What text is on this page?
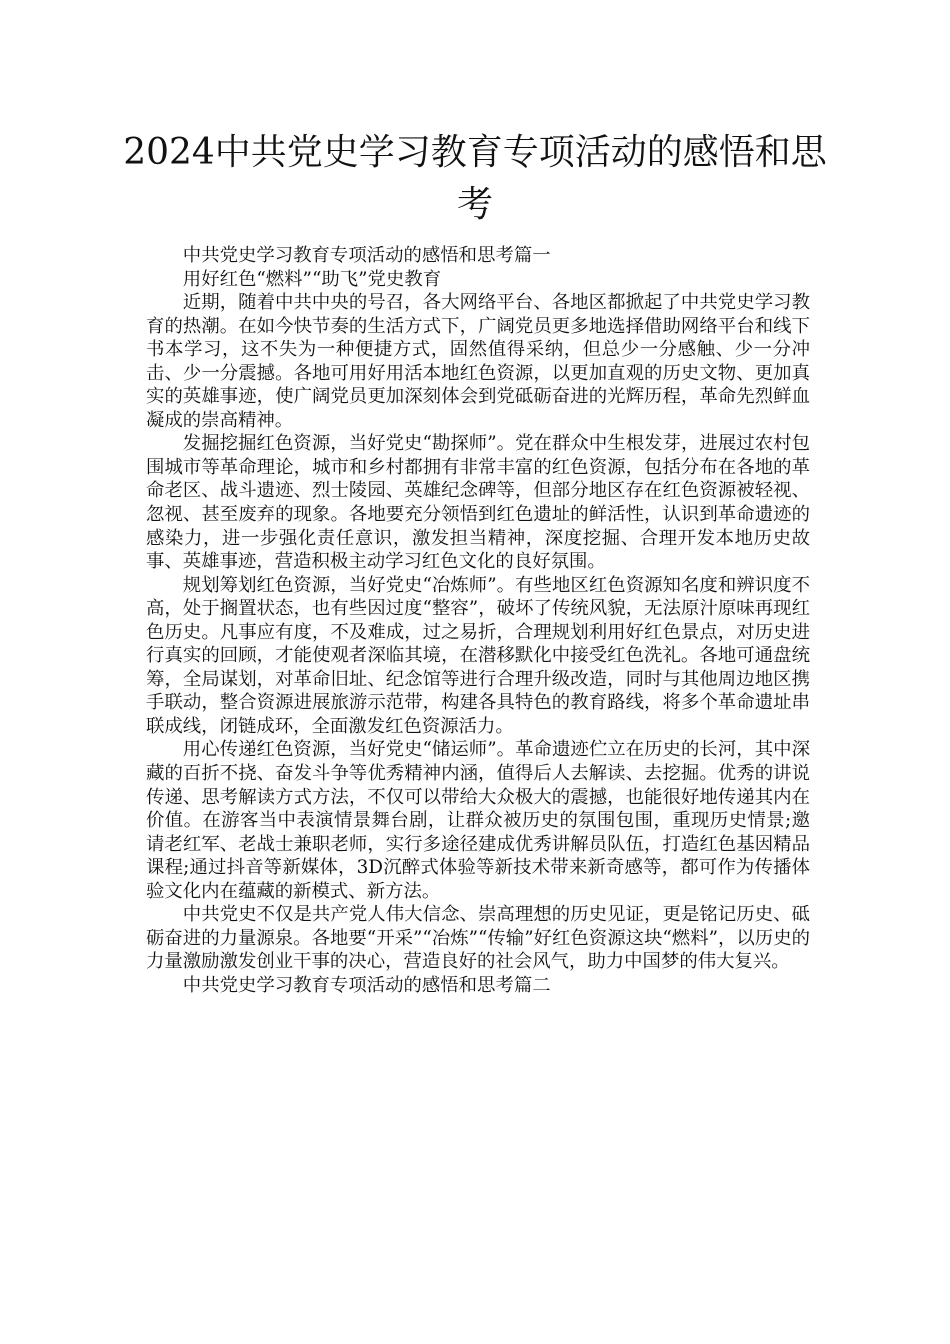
2024中共党史学习教育专项活动的感悟和思考

中共党史学习教育专项活动的感悟和思考篇一

用好红色“燃料”“助飞”党史教育

近期，随着中共中央的号召，各大网络平台、各地区都掀起了中共党史学习教育的热潮。在如今快节奏的生活方式下，广阔党员更多地选择借助网络平台和线下书本学习，这不失为一种便捷方式，固然值得采纳，但总少一分感触、少一分冲击、少一分震撼。各地可用好用活本地红色资源，以更加直观的历史文物、更加真实的英雄事迹，使广阔党员更加深刻体会到党砥砺奋进的光辉历程，革命先烈鲜血凝成的崇高精神。

发掘挖掘红色资源，当好党史“勘探师”。党在群众中生根发芽，进展过农村包围城市等革命理论，城市和乡村都拥有非常丰富的红色资源，包括分布在各地的革命老区、战斗遗迹、烈士陵园、英雄纪念碑等，但部分地区存在红色资源被轻视、忽视、甚至废弃的现象。各地要充分领悟到红色遗址的鲜活性，认识到革命遗迹的感染力，进一步强化责任意识，激发担当精神，深度挖掘、合理开发本地历史故事、英雄事迹，营造积极主动学习红色文化的良好氛围。

规划筹划红色资源，当好党史“冶炼师”。有些地区红色资源知名度和辨识度不高，处于搁置状态，也有些因过度“整容”，破坏了传统风貌，无法原汁原味再现红色历史。凡事应有度，不及难成，过之易折，合理规划利用好红色景点，对历史进行真实的回顾，才能使观者深临其境，在潜移默化中接受红色洗礼。各地可通盘统筹，全局谋划，对革命旧址、纪念馆等进行合理升级改造，同时与其他周边地区携手联动，整合资源进展旅游示范带，构建各具特色的教育路线，将多个革命遗址串联成线，闭链成环，全面激发红色资源活力。

用心传递红色资源，当好党史“储运师”。革命遗迹伫立在历史的长河，其中深藏的百折不挠、奋发斗争等优秀精神内涵，值得后人去解读、去挖掘。优秀的讲说传递、思考解读方式方法，不仅可以带给大众极大的震撼，也能很好地传递其内在价值。在游客当中表演情景舞台剧，让群众被历史的氛围包围，重现历史情景;邀请老红军、老战士兼职老师，实行多途径建成优秀讲解员队伍，打造红色基因精品课程;通过抖音等新媒体，3D沉醉式体验等新技术带来新奇感等，都可作为传播体验文化内在蕴藏的新模式、新方法。

中共党史不仅是共产党人伟大信念、崇高理想的历史见证，更是铭记历史、砥砺奋进的力量源泉。各地要“开采”“冶炼”“传输”好红色资源这块“燃料”，以历史的力量激励激发创业干事的决心，营造良好的社会风气，助力中国梦的伟大复兴。

中共党史学习教育专项活动的感悟和思考篇二
